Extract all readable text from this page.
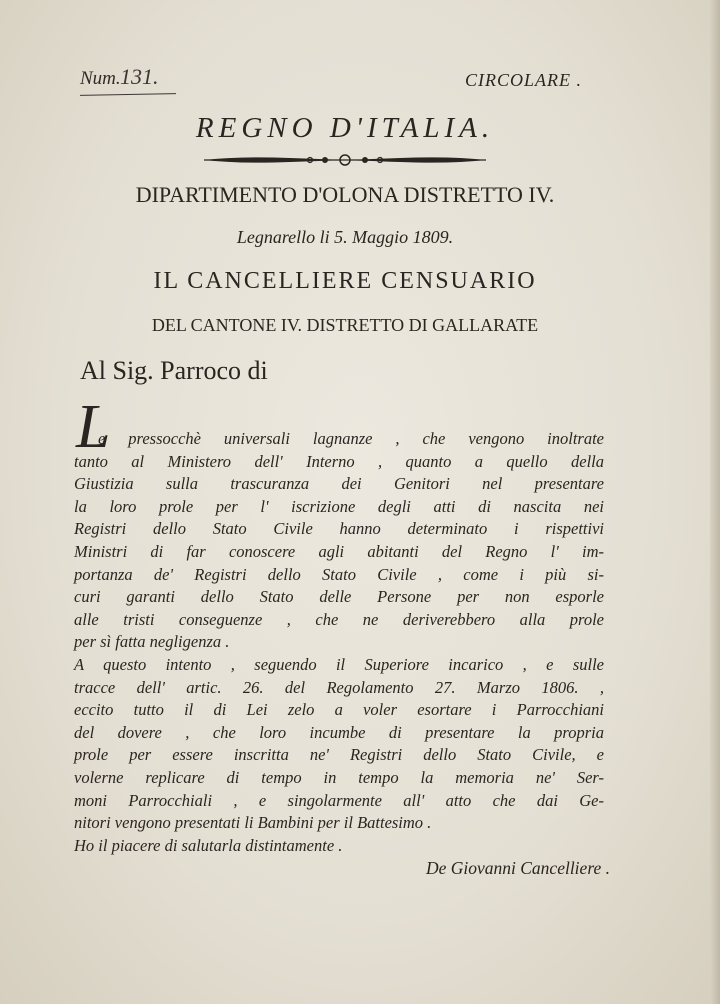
Num. 131.	CIRCOLARE .
REGNO D'ITALIA.
DIPARTIMENTO D'OLONA DISTRETTO IV.
Legnarello li 5. Maggio 1809.
IL CANCELLIERE CENSUARIO
DEL CANTONE IV. DISTRETTO DI GALLARATE
Al Sig. Parroco di
L
e pressocchè universali lagnanze , che vengono inoltrate
tanto al Ministero dell' Interno , quanto a quello della
Giustizia sulla trascuranza dei Genitori nel presentare
la loro prole per l' iscrizione degli atti di nascita nei
Registri dello Stato Civile hanno determinato i rispettivi
Ministri di far conoscere agli abitanti del Regno l' im-
portanza de' Registri dello Stato Civile , come i più si-
curi garanti dello Stato delle Persone per non esporle
alle tristi conseguenze , che ne deriverebbero alla prole
per sì fatta negligenza .
A questo intento , seguendo il Superiore incarico , e sulle
tracce dell' artic. 26. del Regolamento 27. Marzo 1806. ,
eccito tutto il di Lei zelo a voler esortare i Parrocchiani
del dovere , che loro incumbe di presentare la propria
prole per essere inscritta ne' Registri dello Stato Civile, e
volerne replicare di tempo in tempo la memoria ne' Ser-
moni Parrocchiali , e singolarmente all' atto che dai Ge-
nitori vengono presentati li Bambini per il Battesimo .
Ho il piacere di salutarla distintamente .
De Giovanni Cancelliere .
